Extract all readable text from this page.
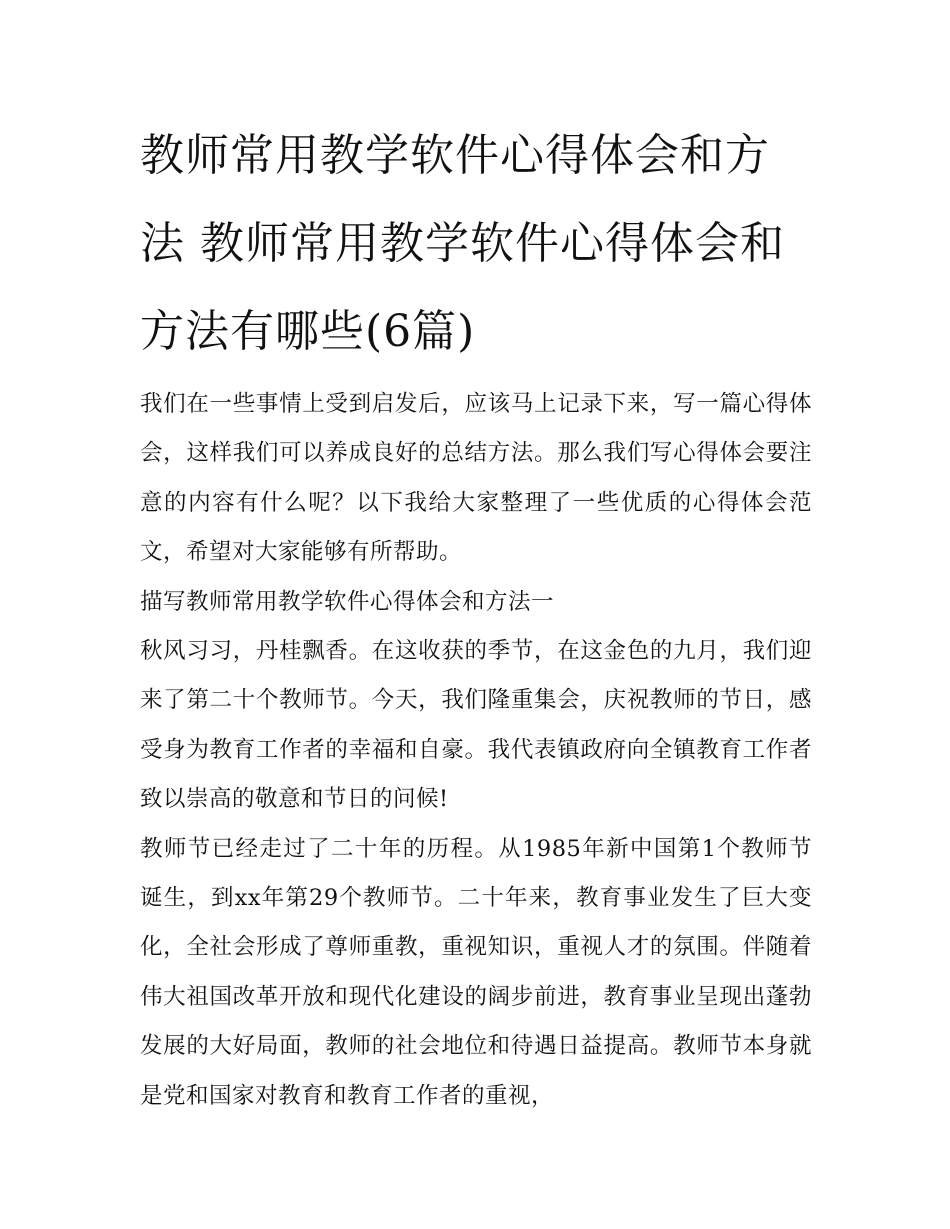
教师常用教学软件心得体会和方法 教师常用教学软件心得体会和方法有哪些(6篇)

我们在一些事情上受到启发后，应该马上记录下来，写一篇心得体会，这样我们可以养成良好的总结方法。那么我们写心得体会要注意的内容有什么呢？以下我给大家整理了一些优质的心得体会范文，希望对大家能够有所帮助。

描写教师常用教学软件心得体会和方法一

秋风习习，丹桂飘香。在这收获的季节，在这金色的九月，我们迎来了第二十个教师节。今天，我们隆重集会，庆祝教师的节日，感受身为教育工作者的幸福和自豪。我代表镇政府向全镇教育工作者致以崇高的敬意和节日的问候!

教师节已经走过了二十年的历程。从1985年新中国第1个教师节诞生，到xx年第29个教师节。二十年来，教育事业发生了巨大变化，全社会形成了尊师重教，重视知识，重视人才的氛围。伴随着伟大祖国改革开放和现代化建设的阔步前进，教育事业呈现出蓬勃发展的大好局面，教师的社会地位和待遇日益提高。教师节本身就是党和国家对教育和教育工作者的重视，
